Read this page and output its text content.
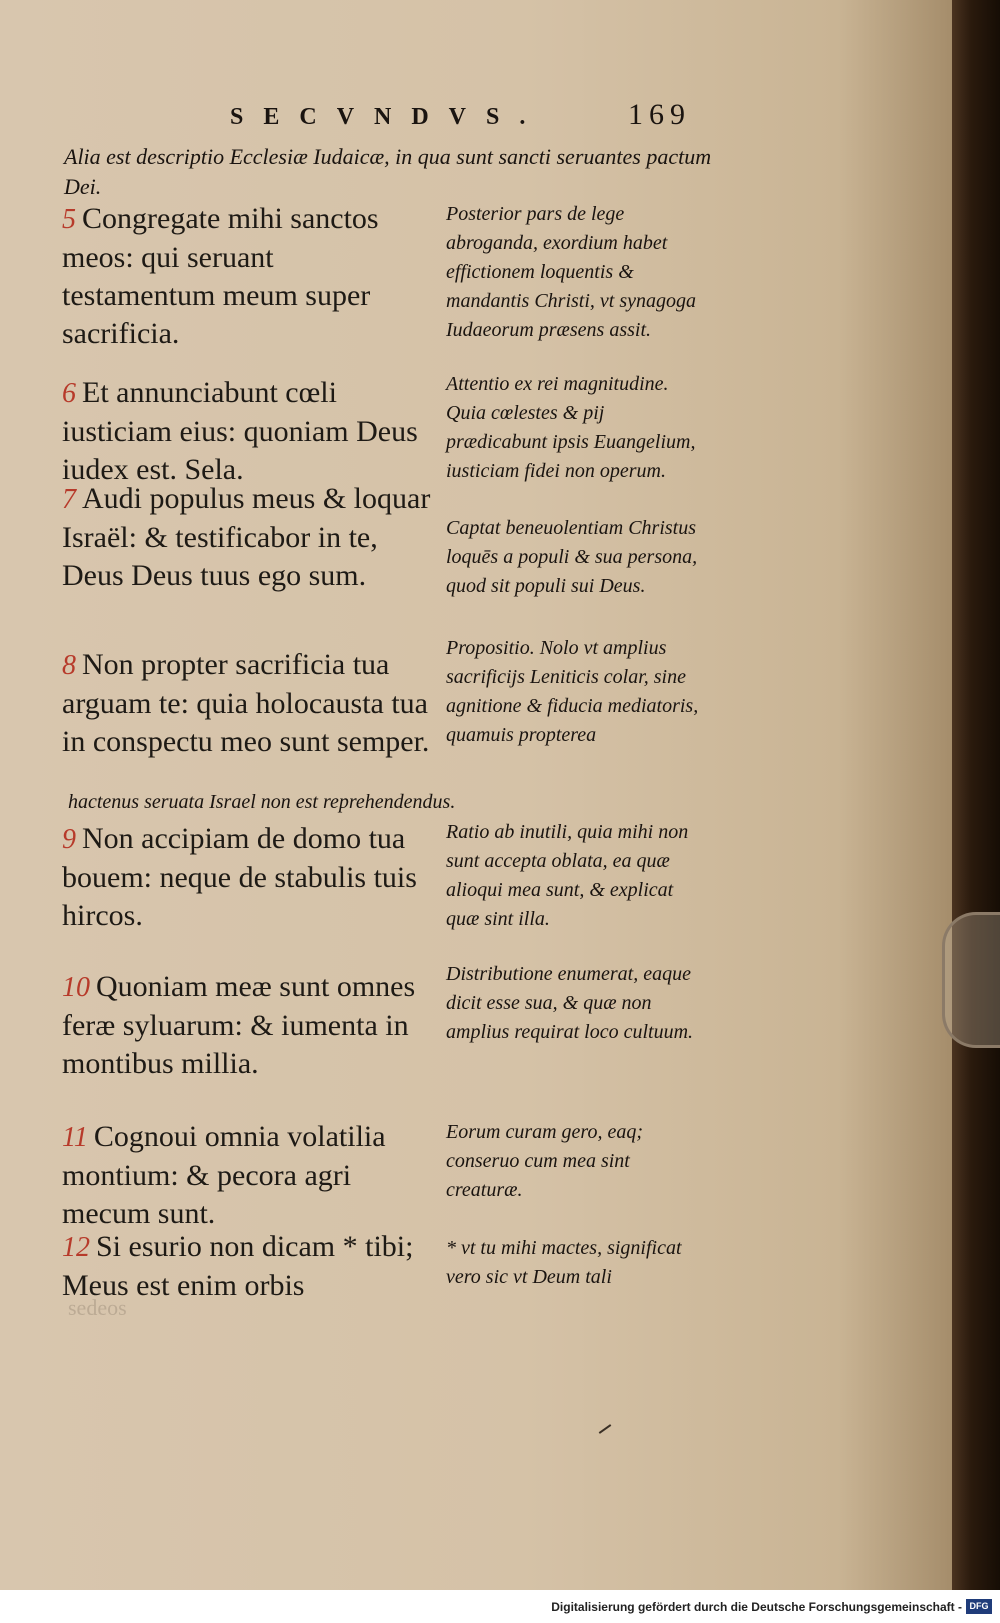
SECVNDVS.	169
Alia est descriptio Ecclesiæ Iudaicæ, in qua sunt sancti seruantes pactum Dei.
5 Congregate mihi sanctos meos: qui seruant testamentum meum super sacrificia.
6 Et annunciabunt cœli iusticiam eius: quoniam Deus iudex est. Sela.
7 Audi populus meus & loquar Israël: & testificabor in te, Deus Deus tuus ego sum.
8 Non propter sacrificia tua arguam te: quia holocausta tua in conspectu meo sunt semper.
9 Non accipiam de domo tua bouem: neque de stabulis tuis hircos.
10 Quoniam meæ sunt omnes feræ syluarum: & iumenta in montibus millia.
11 Cognoui omnia volatilia montium: & pecora agri mecum sunt.
12 Si esurio non dicam * tibi; Meus est enim orbis
Posterior pars de lege abroganda, exordium habet effictionem loquentis & mandantis Christi, vt synagoga Iudaeorum præsens assit.
Attentio ex rei magnitudine. Quia cœlestes & pij prædicabunt ipsis Euangelium, iusticiam fidei non operum.
Captat beneuolentiam Christus loquēs a populi & sua persona, quod sit populi sui Deus.
Propositio. Nolo vt amplius sacrificijs Leniticis colar, sine agnitione & fiducia mediatoris, quamuis propterea
hactenus seruata Israel non est reprehendendus.
Ratio ab inutili, quia mihi non sunt accepta oblata, ea quæ alioqui mea sunt, & explicat quæ sint illa.
Distributione enumerat, eaque dicit esse sua, & quæ non amplius requirat loco cultuum.
Eorum curam gero, eaq; conseruo cum mea sint creaturæ.
* vt tu mihi mactes, significat vero sic vt Deum tali
sedeos
Digitalisierung gefördert durch die Deutsche Forschungsgemeinschaft - DFG
